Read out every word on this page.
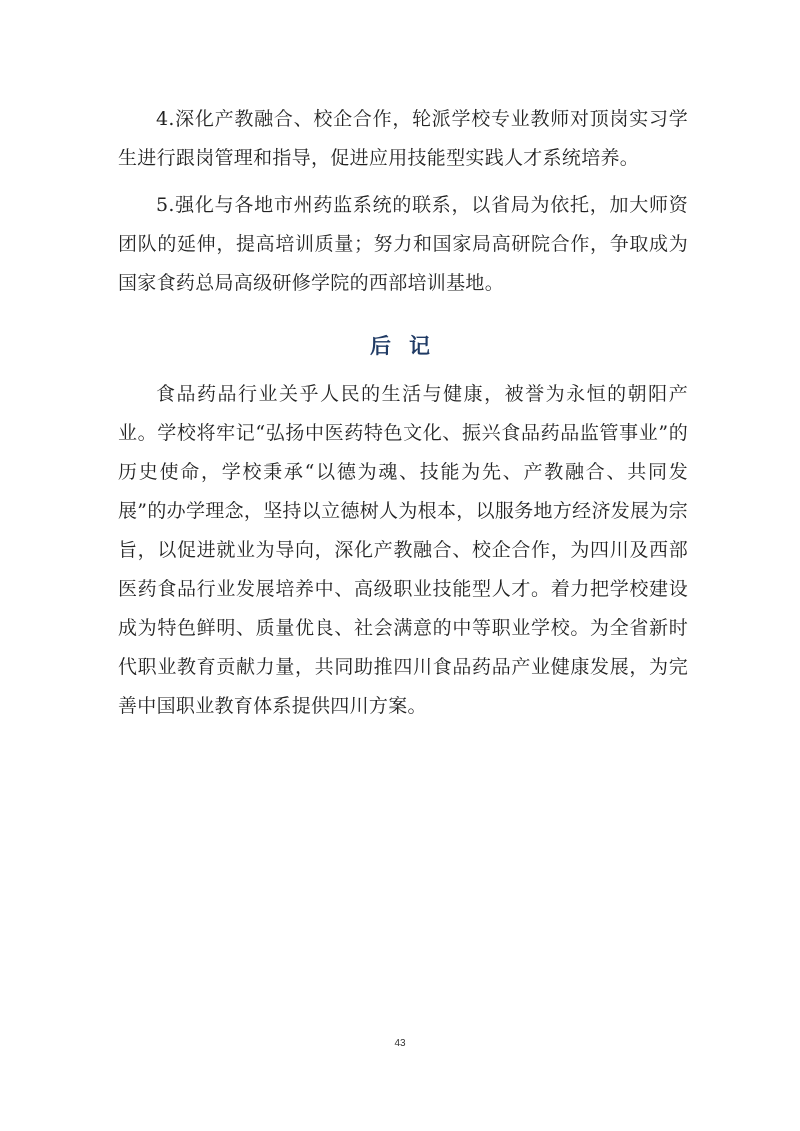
4.深化产教融合、校企合作，轮派学校专业教师对顶岗实习学生进行跟岗管理和指导，促进应用技能型实践人才系统培养。

5.强化与各地市州药监系统的联系，以省局为依托，加大师资团队的延伸，提高培训质量；努力和国家局高研院合作，争取成为国家食药总局高级研修学院的西部培训基地。

后记

食品药品行业关乎人民的生活与健康，被誉为永恒的朝阳产业。学校将牢记“弘扬中医药特色文化、振兴食品药品监管事业”的历史使命，学校秉承“以德为魂、技能为先、产教融合、共同发展”的办学理念，坚持以立德树人为根本，以服务地方经济发展为宗旨，以促进就业为导向，深化产教融合、校企合作，为四川及西部医药食品行业发展培养中、高级职业技能型人才。着力把学校建设成为特色鲜明、质量优良、社会满意的中等职业学校。为全省新时代职业教育贡献力量，共同助推四川食品药品产业健康发展，为完善中国职业教育体系提供四川方案。

43
